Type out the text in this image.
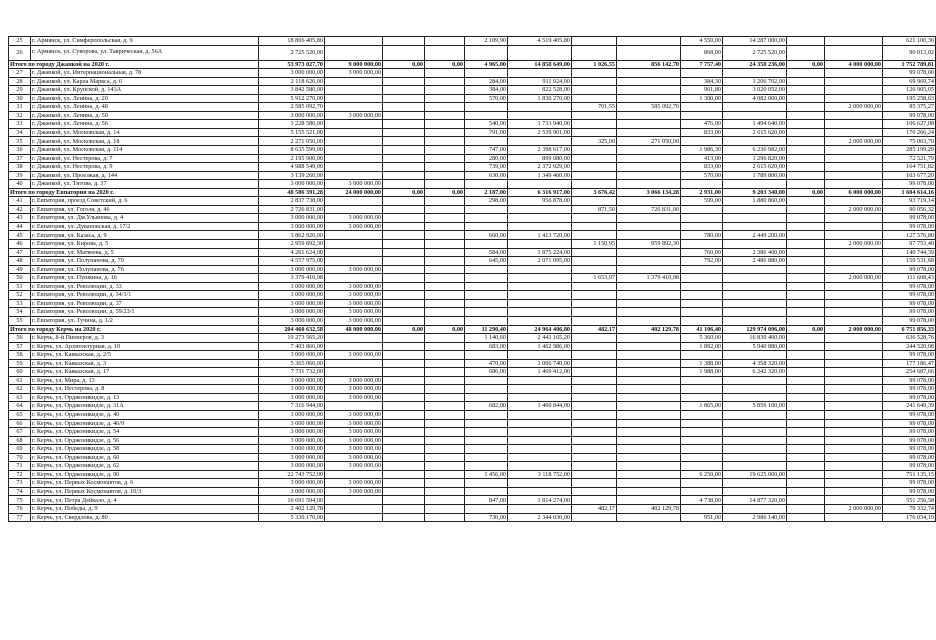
25	г. Армянск, ул. Симферопольская, д. 9	18 806 405,80				2 109,90	4 519 405,80			4 550,00	14 287 000,00			621 100,36
26	г. Армянск, ул. Суворова, ул. Таврическая, д. 56А	2 725 520,00								868,00	2 725 520,00			90 013,02
Итого по городу Джанкой на 2020 г.		53 973 027,70	9 000 000,00	0,00	0,00	4 965,00	14 858 649,00	1 026,55	856 142,70	7 757,40	24 358 236,00	0,00	4 000 000,00	1 752 789,81
27	г. Джанкой, ул. Интернациональная, д. 78	3 000 000,00	3 000 000,00											99 078,00
28	г. Джанкой, ул. Карла Маркса, д. 6	2 118 626,00				284,00	911 924,00			384,30	1 206 702,00			69 969,74
29	г. Джанкой, ул. Крупской, д. 143А	3 842 580,00				384,00	822 528,00			961,80	3 020 052,00			126 905,05
30	г. Джанкой, ул. Ленина, д. 20	5 912 270,00				570,00	1 830 270,00			1 300,00	4 082 000,00			195 258,63
31	г. Джанкой, ул. Ленина, д. 48	2 585 092,70						701,55	585 092,70				2 000 000,00	85 375,27
32	г. Джанкой, ул. Ленина, д. 50	3 000 000,00	3 000 000,00											99 078,00
33	г. Джанкой, ул. Ленина, д. 56	3 228 580,00				540,00	1 733 940,00			476,00	1 494 640,00			106 627,08
34	г. Джанкой, ул. Московская, д. 14	5 155 521,00				791,00	2 539 901,00			833,00	2 615 620,00			170 266,24
35	г. Джанкой, ул. Московская, д. 18	2 271 050,00						325,00	271 050,00				2 000 000,00	75 003,70
36	г. Джанкой, ул. Московская, д. 114	8 635 599,00				747,00	2 398 617,00			1 986,30	6 236 982,00			285 199,29
37	г. Джанкой, ул. Нестерова, д. 7	2 195 900,00				280,00	899 080,00			413,00	1 296 820,00			72 521,79
38	г. Джанкой, ул. Нестерова, д. 9	4 988 549,00				739,00	2 372 929,00			833,00	2 615 620,00			164 751,82
39	г. Джанкой, ул. Проезжая, д. 144	3 139 260,00				630,00	1 349 460,00			570,00	1 789 800,00			103 677,20
40	г. Джанкой, ул. Титова, д. 37	3 000 000,00	3 000 000,00											99 078,00
Итого по городу Евпатория на 2020 г.		48 586 391,28	24 000 000,00	0,00	0,00	2 187,00	6 316 917,00	3 676,42	3 066 134,28	2 931,00	9 203 340,00	0,00	6 000 000,00	1 604 614,16
41	г. Евпатория, проезд Советский, д. 6	2 837 738,00				298,00	956 878,00			599,00	1 880 860,00			93 719,14
42	г. Евпатория, ул. Гоголя, д. 46	2 726 831,00						871,50	726 831,00				2 000 000,00	90 056,32
43	г. Евпатория, ул. Дм.Ульянова, д. 4	3 000 000,00	3 000 000,00											99 078,00
44	г. Евпатория, ул. Дувановская, д. 17/2	3 000 000,00	3 000 000,00											99 078,00
45	г. Евпатория, ул. Казаса, д. 9	3 862 920,00				660,00	1 413 720,00			780,00	2 449 200,00			127 576,80
46	г. Евпатория, ул. Кирова, д. 5	2 959 892,30						1 150,95	959 892,30				2 000 000,00	97 753,40
47	г. Евпатория, ул. Матвеева, д. 5	4 261 624,00				584,00	1 875 224,00			760,00	2 386 400,00			140 744,39
48	г. Евпатория, ул. Полупанова, д. 70	4 557 975,00				645,00	2 071 095,00			792,00	2 486 880,00			150 531,68
49	г. Евпатория, ул. Полупанова, д. 76	3 000 000,00	3 000 000,00											99 078,00
50	г. Евпатория, ул. Пушкина, д. 16	3 379 410,98						1 653,97	1 379 410,98				2 000 000,00	111 608,43
51	г. Евпатория, ул. Революции, д. 33	3 000 000,00	3 000 000,00											99 078,00
52	г. Евпатория, ул. Революции, д. 34/1/1	3 000 000,00	3 000 000,00											99 078,00
53	г. Евпатория, ул. Революции, д. 37	3 000 000,00	3 000 000,00											99 078,00
54	г. Евпатория, ул. Революции, д. 59/23/1	3 000 000,00	3 000 000,00											99 078,00
55	г. Евпатория, ул. Тучина, д. 1/2	3 000 000,00	3 000 000,00											99 078,00
Итого по городу Керчь на 2020 г.		204 460 632,58	48 000 000,00	0,00	0,00	11 290,40	24 964 406,80	482,17	402 129,78	41 106,40	129 974 096,00	0,00	2 000 000,00	6 751 856,33
56	г. Керчь, 8-й Пионеров, д. 3	19 273 565,20				1 140,60	2 443 165,20			5 360,00	16 830 400,00			636 528,76
57	г. Керчь, ул. Архитектурная, д. 10	7 403 866,00				683,00	1 462 986,00			1 892,00	5 940 880,00			244 520,08
58	г. Керчь, ул. Кавказская, д. 2/5	3 000 000,00	3 000 000,00											99 078,00
59	г. Керчь, ул. Кавказская, д. 3	5 365 060,00				470,00	1 006 740,00			1 388,00	4 358 320,00			177 186,47
60	г. Керчь, ул. Кавказская, д. 17	7 711 732,00				686,00	1 469 412,00			1 988,00	6 242 320,00			254 687,66
61	г. Керчь, ул. Мира, д. 13	3 000 000,00	3 000 000,00											99 078,00
62	г. Керчь, ул. Нестерова, д. 8	3 000 000,00	3 000 000,00											99 078,00
63	г. Керчь, ул. Орджоникидзе, д. 13	3 000 000,00	3 000 000,00											99 078,00
64	г. Керчь, ул. Орджоникидзе, д. 31А	7 316 944,00				682,00	1 460 844,00			1 865,00	5 856 100,00			241 649,39
65	г. Керчь, ул. Орджоникидзе, д. 40	3 000 000,00	3 000 000,00											99 078,00
66	г. Керчь, ул. Орджоникидзе, д. 46/9	3 000 000,00	3 000 000,00											99 078,00
67	г. Керчь, ул. Орджоникидзе, д. 54	3 000 000,00	3 000 000,00											99 078,00
68	г. Керчь, ул. Орджоникидзе, д. 56	3 000 000,00	3 000 000,00											99 078,00
69	г. Керчь, ул. Орджоникидзе, д. 58	3 000 000,00	3 000 000,00											99 078,00
70	г. Керчь, ул. Орджоникидзе, д. 60	3 000 000,00	3 000 000,00											99 078,00
71	г. Керчь, ул. Орджоникидзе, д. 62	3 000 000,00	3 000 000,00											99 078,00
72	г. Керчь, ул. Орджоникидзе, д. 90	22 743 752,00				1 456,00	3 118 752,00			6 250,00	19 625 000,00			751 135,15
73	г. Керчь, ул. Первых Космонавтов, д. 6	3 000 000,00	3 000 000,00											99 078,00
74	г. Керчь, ул. Первых Космонавтов, д. 10/3	3 000 000,00	3 000 000,00											99 078,00
75	г. Керчь, ул. Петра Дейкало, д. 4	16 691 594,00				847,00	1 814 274,00			4 738,00	14 877 320,00			551 256,58
76	г. Керчь, ул. Победы, д. 9	2 402 129,78						482,17	402 129,78				2 000 000,00	79 332,74
77	г. Керчь, ул. Свердлова, д. 80	5 330 170,00				730,00	2 344 030,00			951,00	2 986 140,00			176 034,19
